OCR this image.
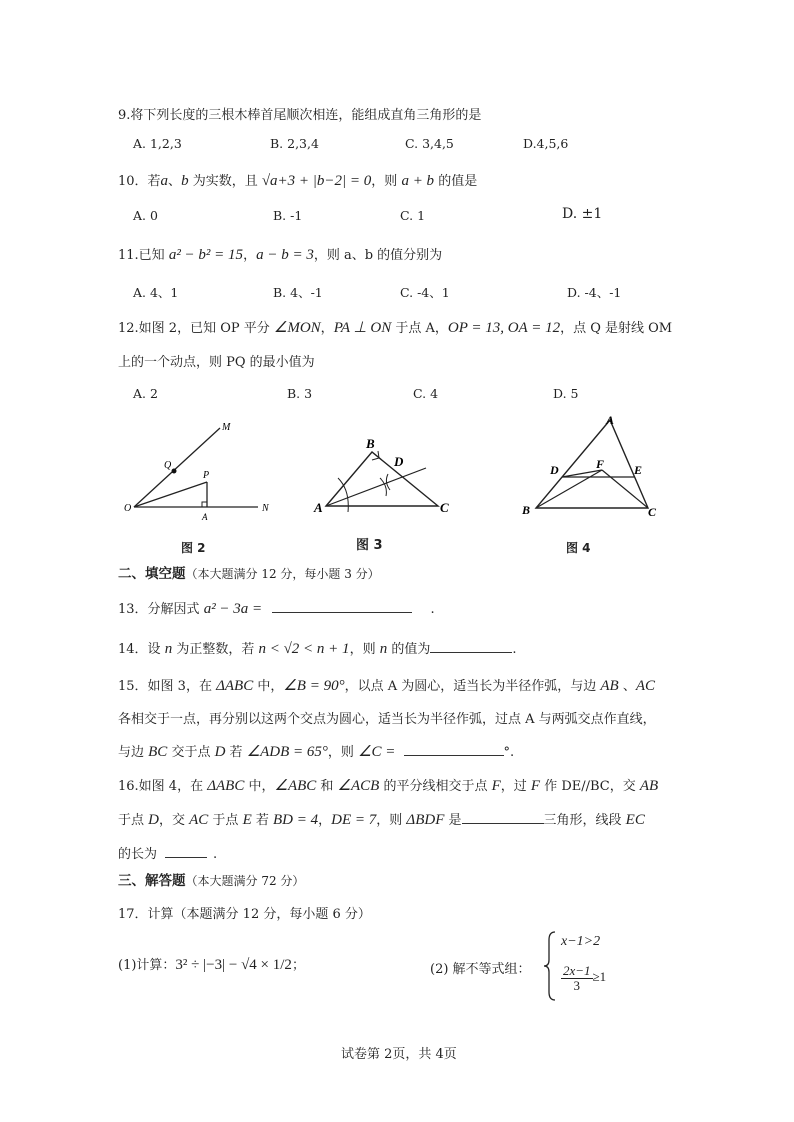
9.将下列长度的三根木棒首尾顺次相连，能组成直角三角形的是
A. 1,2,3	B. 2,3,4	C. 3,4,5	D.4,5,6
10．若a、b 为实数，且 √a+3 + |b−2| = 0，则 a + b 的值是
A. 0	B. -1	C. 1	D. ±1
11.已知 a² − b² = 15，a − b = 3，则 a、b 的值分别为
A. 4、1	B. 4、-1	C. -4、1	D. -4、-1
12.如图 2，已知 OP 平分 ∠MON，PA ⊥ ON 于点 A，OP = 13, OA = 12，点 Q 是射线 OM
上的一个动点，则 PQ 的最小值为
A. 2	B. 3	C. 4	D. 5
M
Q
P
O
A
N
图 2
B
D
A	C
图 3
A
D	F E
B	C
图 4
二、填空题（本大题满分 12 分，每小题 3 分）
13．分解因式 a² − 3a =	.
14．设 n 为正整数，若 n < √2 < n + 1，则 n 的值为	.
15．如图 3，在 ΔABC 中，∠B = 90°，以点 A 为圆心，适当长为半径作弧，与边 AB 、AC
各相交于一点，再分别以这两个交点为圆心，适当长为半径作弧，过点 A 与两弧交点作直线，
与边 BC 交于点 D 若 ∠ADB = 65°，则 ∠C =	°.
16.如图 4，在 ΔABC 中，∠ABC 和 ∠ACB 的平分线相交于点 F，过 F 作 DE//BC，交 AB
于点 D，交 AC 于点 E 若 BD = 4，DE = 7，则 ΔBDF 是	三角形，线段 EC
的长为	.
三、解答题（本大题满分 72 分）
17．计算（本题满分 12 分，每小题 6 分）
(1)计算：3² ÷ |−3| − √4 × 1/2；	(2) 解不等式组：
x−1>2
$\frac{2x-1}{3} \ge 1$
试卷第 2页，共 4页
